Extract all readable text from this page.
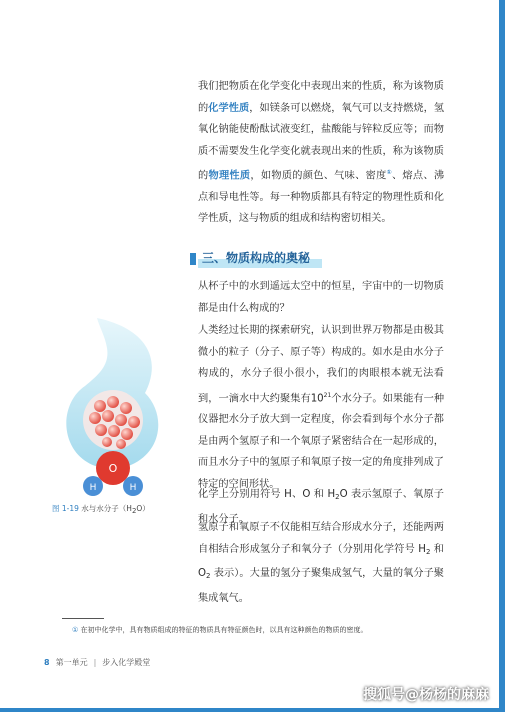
我们把物质在化学变化中表现出来的性质，称为该物质的化学性质，如镁条可以燃烧，氧气可以支持燃烧，氢氧化钠能使酚酞试液变红，盐酸能与锌粒反应等；而物质不需要发生化学变化就表现出来的性质，称为该物质的物理性质，如物质的颜色、气味、密度①、熔点、沸点和导电性等。每一种物质都具有特定的物理性质和化学性质，这与物质的组成和结构密切相关。

三、物质构成的奥秘

从杯子中的水到遥远太空中的恒星，宇宙中的一切物质都是由什么构成的？

人类经过长期的探索研究，认识到世界万物都是由极其微小的粒子（分子、原子等）构成的。如水是由水分子构成的，水分子很小很小，我们的肉眼根本就无法看到，一滴水中大约聚集有$10^{21}$个水分子。如果能有一种仪器把水分子放大到一定程度，你会看到每个水分子都是由两个氢原子和一个氧原子紧密结合在一起形成的，而且水分子中的氢原子和氧原子按一定的角度排列成了特定的空间形状。

化学上分别用符号 H、O 和 $H_2O$ 表示氢原子、氧原子和水分子。

氢原子和氧原子不仅能相互结合形成水分子，还能两两自相结合形成氢分子和氧分子（分别用化学符号 $H_2$ 和 $O_2$ 表示）。大量的氢分子聚集成氢气，大量的氧分子聚集成氧气。

O
H	H
图 1-19 水与水分子（H2O）
① 在初中化学中，具有物质组成的特征的物质具有特征颜色时，以具有这种颜色的物质的密度。
8 第一单元 | 步入化学殿堂
搜狐号@杨杨的麻麻
